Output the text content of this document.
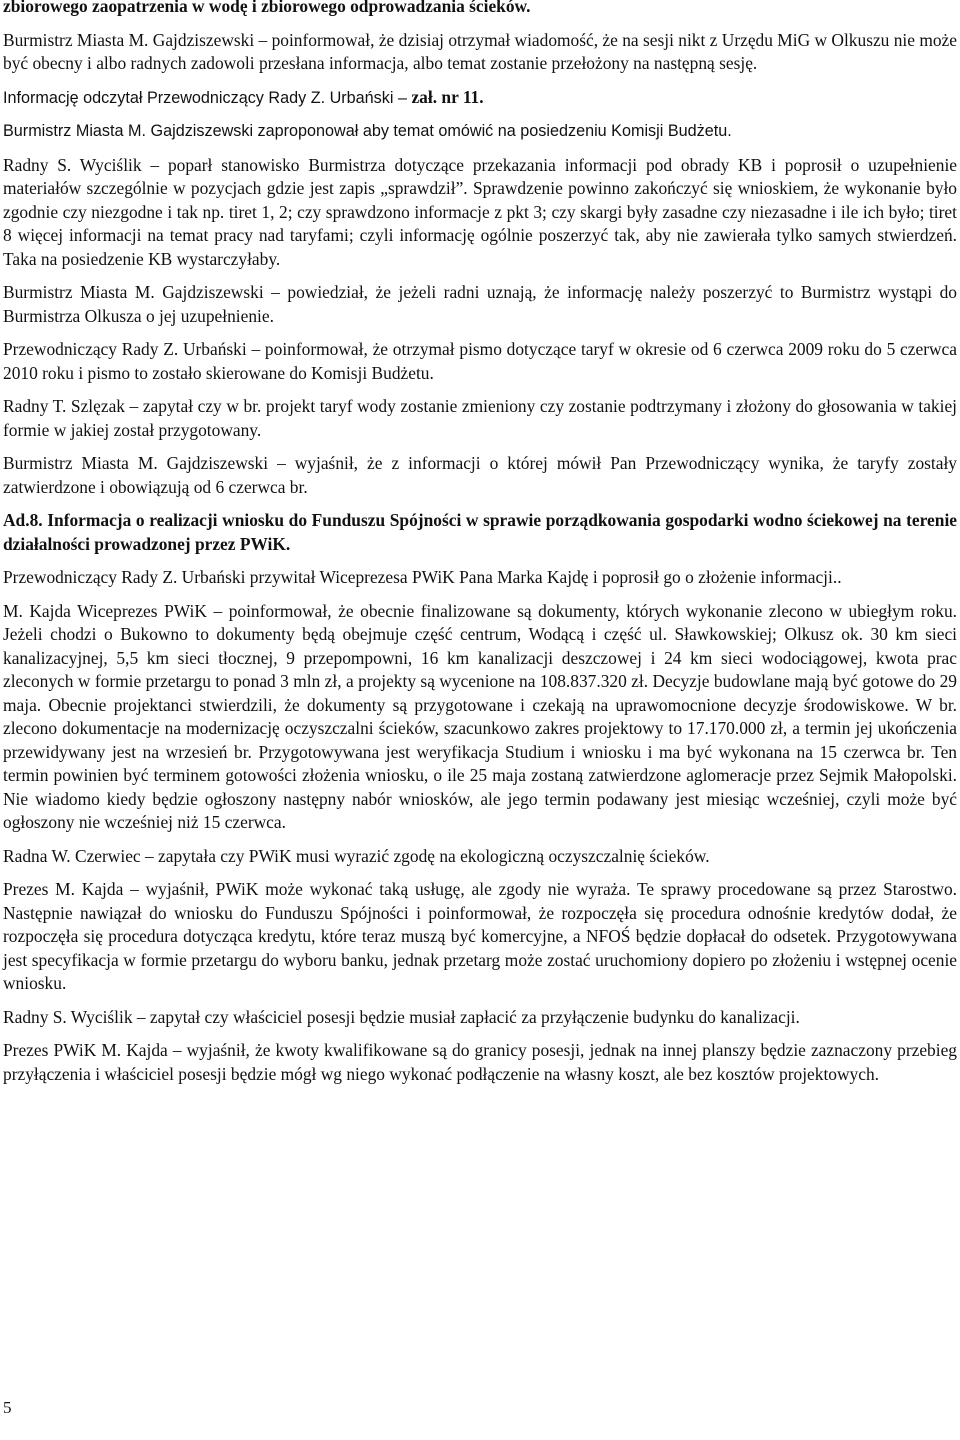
zbiorowego zaopatrzenia w wodę i zbiorowego odprowadzania ścieków.

Burmistrz Miasta M. Gajdziszewski – poinformował, że dzisiaj otrzymał wiadomość, że na sesji nikt z Urzędu MiG w Olkuszu nie może być obecny i albo radnych zadowoli przesłana informacja, albo temat zostanie przełożony na następną sesję.

Informację odczytał Przewodniczący Rady Z. Urbański – zał. nr 11.

Burmistrz Miasta M. Gajdziszewski zaproponował aby temat omówić na posiedzeniu Komisji Budżetu.

Radny S. Wyciślik – poparł stanowisko Burmistrza dotyczące przekazania informacji pod obrady KB i poprosił o uzupełnienie materiałów szczególnie w pozycjach gdzie jest zapis „sprawdził”. Sprawdzenie powinno zakończyć się wnioskiem, że wykonanie było zgodnie czy niezgodne i tak np. tiret 1, 2; czy sprawdzono informacje z pkt 3; czy skargi były zasadne czy niezasadne i ile ich było; tiret 8 więcej informacji na temat pracy nad taryfami; czyli informację ogólnie poszerzyć tak, aby nie zawierała tylko samych stwierdzeń. Taka na posiedzenie KB wystarczyłaby.

Burmistrz Miasta M. Gajdziszewski – powiedział, że jeżeli radni uznają, że informację należy poszerzyć to Burmistrz wystąpi do Burmistrza Olkusza o jej uzupełnienie.

Przewodniczący Rady Z. Urbański – poinformował, że otrzymał pismo dotyczące taryf w okresie od 6 czerwca 2009 roku do 5 czerwca 2010 roku i pismo to zostało skierowane do Komisji Budżetu.

Radny T. Szlęzak – zapytał czy w br. projekt taryf wody zostanie zmieniony czy zostanie podtrzymany i złożony do głosowania w takiej formie w jakiej został przygotowany.

Burmistrz Miasta M. Gajdziszewski – wyjaśnił, że z informacji o której mówił Pan Przewodniczący wynika, że taryfy zostały zatwierdzone i obowiązują od 6 czerwca br.

Ad.8. Informacja o realizacji wniosku do Funduszu Spójności w sprawie porządkowania gospodarki wodno ściekowej na terenie działalności prowadzonej przez PWiK.

Przewodniczący Rady Z. Urbański przywitał Wiceprezesa PWiK Pana Marka Kajdę i poprosił go o złożenie informacji..

M. Kajda Wiceprezes PWiK – poinformował, że obecnie finalizowane są dokumenty, których wykonanie zlecono w ubiegłym roku. Jeżeli chodzi o Bukowno to dokumenty będą obejmuje część centrum, Wodącą i część ul. Sławkowskiej; Olkusz ok. 30 km sieci kanalizacyjnej, 5,5 km sieci tłocznej, 9 przepompowni, 16 km kanalizacji deszczowej i 24 km sieci wodociągowej, kwota prac zleconych w formie przetargu to ponad 3 mln zł, a projekty są wycenione na 108.837.320 zł. Decyzje budowlane mają być gotowe do 29 maja. Obecnie projektanci stwierdzili, że dokumenty są przygotowane i czekają na uprawomocnione decyzje środowiskowe. W br. zlecono dokumentacje na modernizację oczyszczalni ścieków, szacunkowo zakres projektowy to 17.170.000 zł, a termin jej ukończenia przewidywany jest na wrzesień br. Przygotowywana jest weryfikacja Studium i wniosku i ma być wykonana na 15 czerwca br. Ten termin powinien być terminem gotowości złożenia wniosku, o ile 25 maja zostaną zatwierdzone aglomeracje przez Sejmik Małopolski. Nie wiadomo kiedy będzie ogłoszony następny nabór wniosków, ale jego termin podawany jest miesiąc wcześniej, czyli może być ogłoszony nie wcześniej niż 15 czerwca.

Radna W. Czerwiec – zapytała czy PWiK musi wyrazić zgodę na ekologiczną oczyszczalnię ścieków.

Prezes M. Kajda – wyjaśnił, PWiK może wykonać taką usługę, ale zgody nie wyraża. Te sprawy procedowane są przez Starostwo. Następnie nawiązał do wniosku do Funduszu Spójności i poinformował, że rozpoczęła się procedura odnośnie kredytów dodał, że rozpoczęła się procedura dotycząca kredytu, które teraz muszą być komercyjne, a NFOŚ będzie dopłacał do odsetek. Przygotowywana jest specyfikacja w formie przetargu do wyboru banku, jednak przetarg może zostać uruchomiony dopiero po złożeniu i wstępnej ocenie wniosku.

Radny S. Wyciślik – zapytał czy właściciel posesji będzie musiał zapłacić za przyłączenie budynku do kanalizacji.

Prezes PWiK M. Kajda – wyjaśnił, że kwoty kwalifikowane są do granicy posesji, jednak na innej planszy będzie zaznaczony przebieg przyłączenia i właściciel posesji będzie mógł wg niego wykonać podłączenie na własny koszt, ale bez kosztów projektowych.

5
